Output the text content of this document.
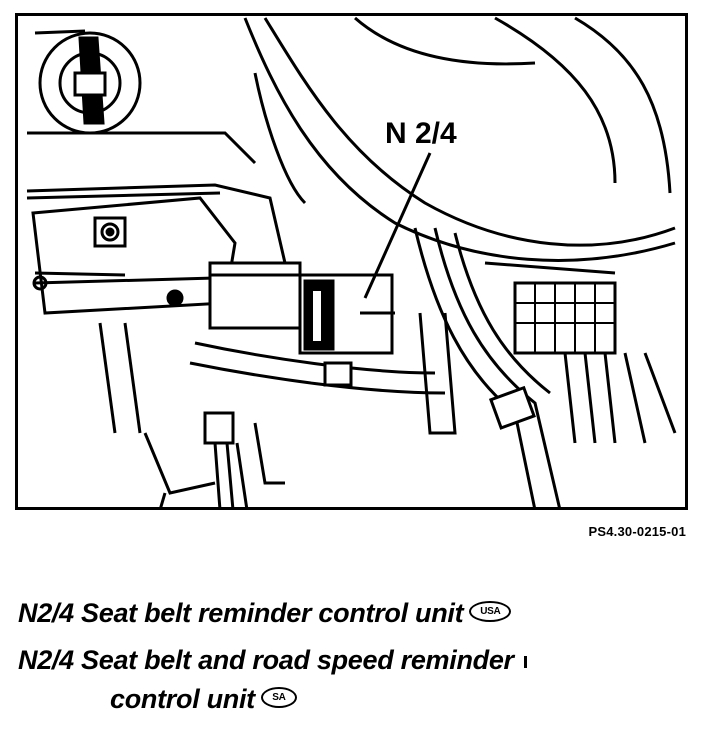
N 2/4
PS4.30-0215-01
N2/4 Seat belt reminder control unit USA
N2/4 Seat belt and road speed reminder
control unit SA
